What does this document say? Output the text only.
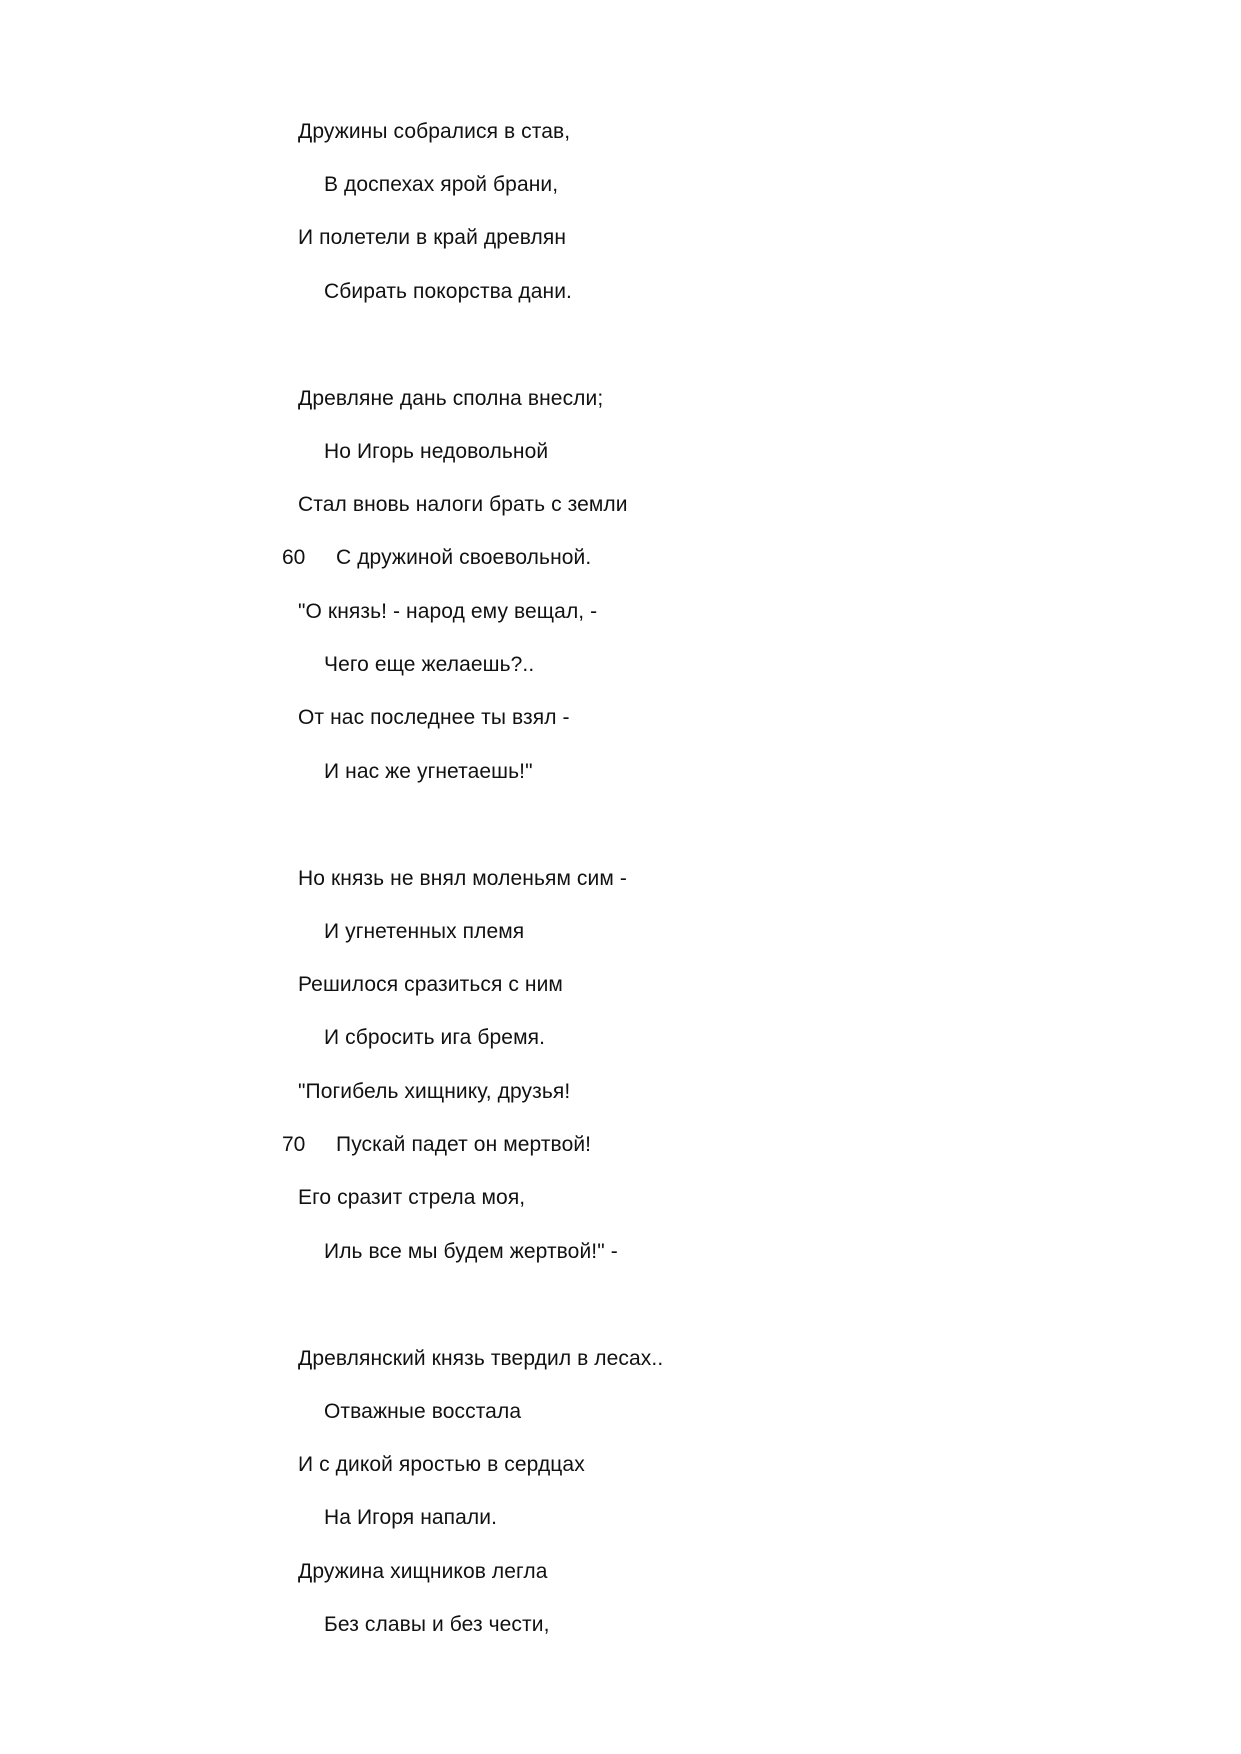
Дружины собралися в став,
В доспехах ярой брани,
И полетели в край древлян
Сбирать покорства дани.
Древляне дань сполна внесли;
Но Игорь недовольной
Стал вновь налоги брать с земли
60 С дружиной своевольной.
"О князь! - народ ему вещал, -
Чего еще желаешь?..
От нас последнее ты взял -
И нас же угнетаешь!"
Но князь не внял моленьям сим -
И угнетенных племя
Решилося сразиться с ним
И сбросить ига бремя.
"Погибель хищнику, друзья!
70 Пускай падет он мертвой!
Его сразит стрела моя,
Иль все мы будем жертвой!" -
Древлянский князь твердил в лесах..
Отважные восстала
И с дикой яростью в сердцах
На Игоря напали.
Дружина хищников легла
Без славы и без чести,
